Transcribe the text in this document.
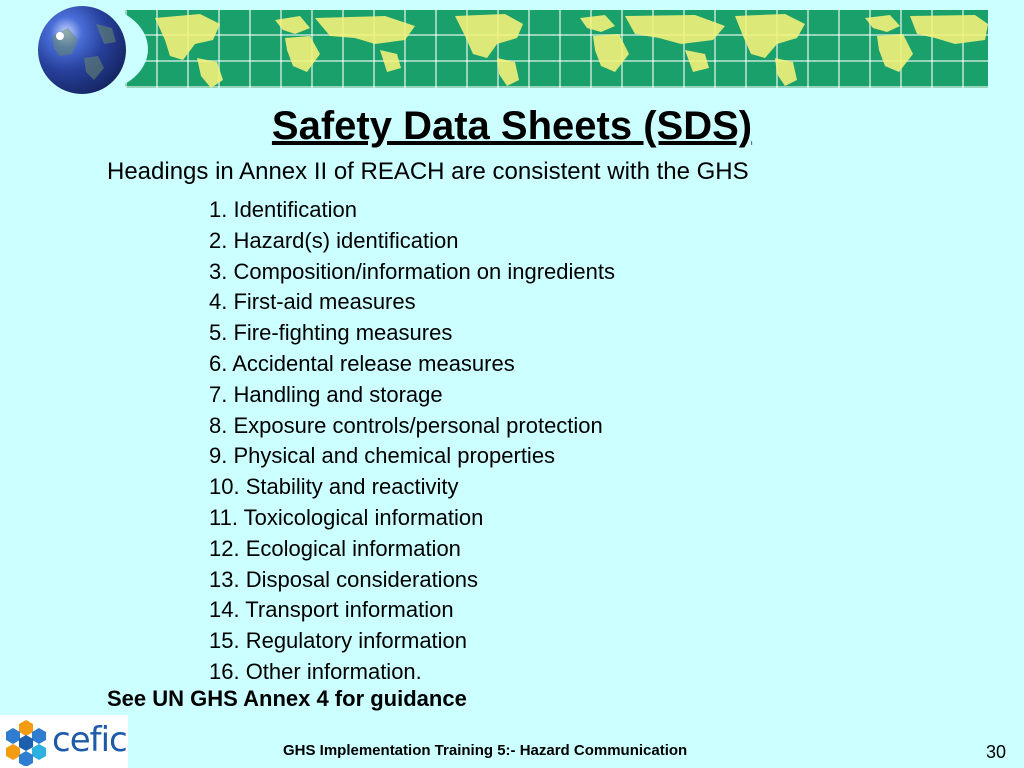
Safety Data Sheets (SDS)
Headings in Annex II of REACH are consistent with the GHS
1. Identification
2. Hazard(s) identification
3. Composition/information on ingredients
4. First-aid measures
5. Fire-fighting measures
6. Accidental release measures
7. Handling and storage
8. Exposure controls/personal protection
9. Physical and chemical properties
10. Stability and reactivity
11. Toxicological information
12. Ecological information
13. Disposal considerations
14. Transport information
15. Regulatory information
16. Other information.
See UN GHS Annex 4 for guidance
cefic	GHS Implementation Training 5:- Hazard Communication	30
